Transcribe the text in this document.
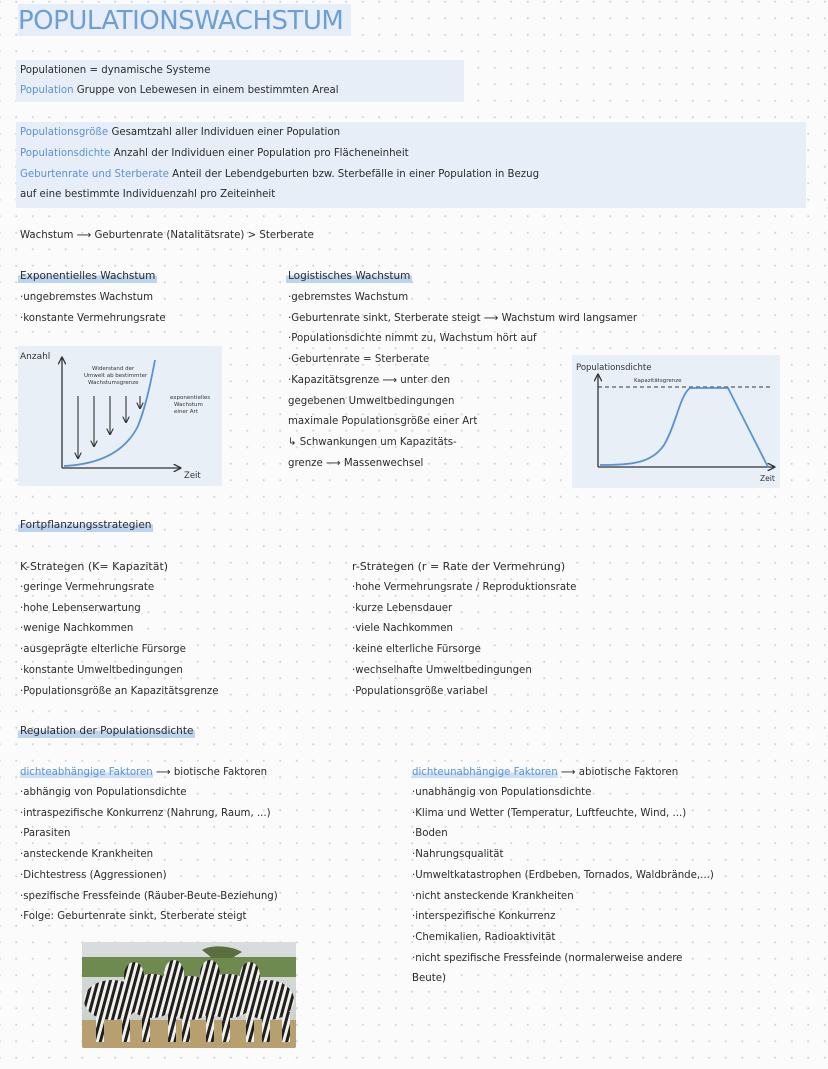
POPULATIONSWACHSTUM
Populationen = dynamische Systeme
Population Gruppe von Lebewesen in einem bestimmten Areal
Populationsgröße Gesamtzahl aller Individuen einer Population
Populationsdichte Anzahl der Individuen einer Population pro Flächeneinheit
Geburtenrate und Sterberate Anteil der Lebendgeburten bzw. Sterbefälle in einer Population in Bezug
auf eine bestimmte Individuenzahl pro Zeiteinheit
Wachstum ⟶ Geburtenrate (Natalitätsrate) > Sterberate
Exponentielles Wachstum
·ungebremstes Wachstum
·konstante Vermehrungsrate
Anzahl
Zeit
Widerstand der
Umwelt ab bestimmter
Wachstumsgrenze
exponentielles
Wachstum
einer Art
Logistisches Wachstum
·gebremstes Wachstum
·Geburtenrate sinkt, Sterberate steigt ⟶ Wachstum wird langsamer
·Populationsdichte nimmt zu, Wachstum hört auf
·Geburtenrate = Sterberate
·Kapazitätsgrenze ⟶ unter den
gegebenen Umweltbedingungen
maximale Populationsgröße einer Art
↳ Schwankungen um Kapazitäts-
grenze ⟶ Massenwechsel
Populationsdichte
Kapazitätsgrenze
Zeit
Fortpflanzungsstrategien
K-Strategen (K= Kapazität)
·geringe Vermehrungsrate
·hohe Lebenserwartung
·wenige Nachkommen
·ausgeprägte elterliche Fürsorge
·konstante Umweltbedingungen
·Populationsgröße an Kapazitätsgrenze
r-Strategen (r = Rate der Vermehrung)
·hohe Vermehrungsrate / Reproduktionsrate
·kurze Lebensdauer
·viele Nachkommen
·keine elterliche Fürsorge
·wechselhafte Umweltbedingungen
·Populationsgröße variabel
Regulation der Populationsdichte
dichteabhängige Faktoren ⟶ biotische Faktoren
·abhängig von Populationsdichte
·intraspezifische Konkurrenz (Nahrung, Raum, ...)
·Parasiten
·ansteckende Krankheiten
·Dichtestress (Aggressionen)
·spezifische Fressfeinde (Räuber-Beute-Beziehung)
·Folge: Geburtenrate sinkt, Sterberate steigt
dichteunabhängige Faktoren ⟶ abiotische Faktoren
·unabhängig von Populationsdichte
·Klima und Wetter (Temperatur, Luftfeuchte, Wind, ...)
·Boden
·Nahrungsqualität
·Umweltkatastrophen (Erdbeben, Tornados, Waldbrände,...)
·nicht ansteckende Krankheiten
·interspezifische Konkurrenz
·Chemikalien, Radioaktivität
·nicht spezifische Fressfeinde (normalerweise andere
Beute)
